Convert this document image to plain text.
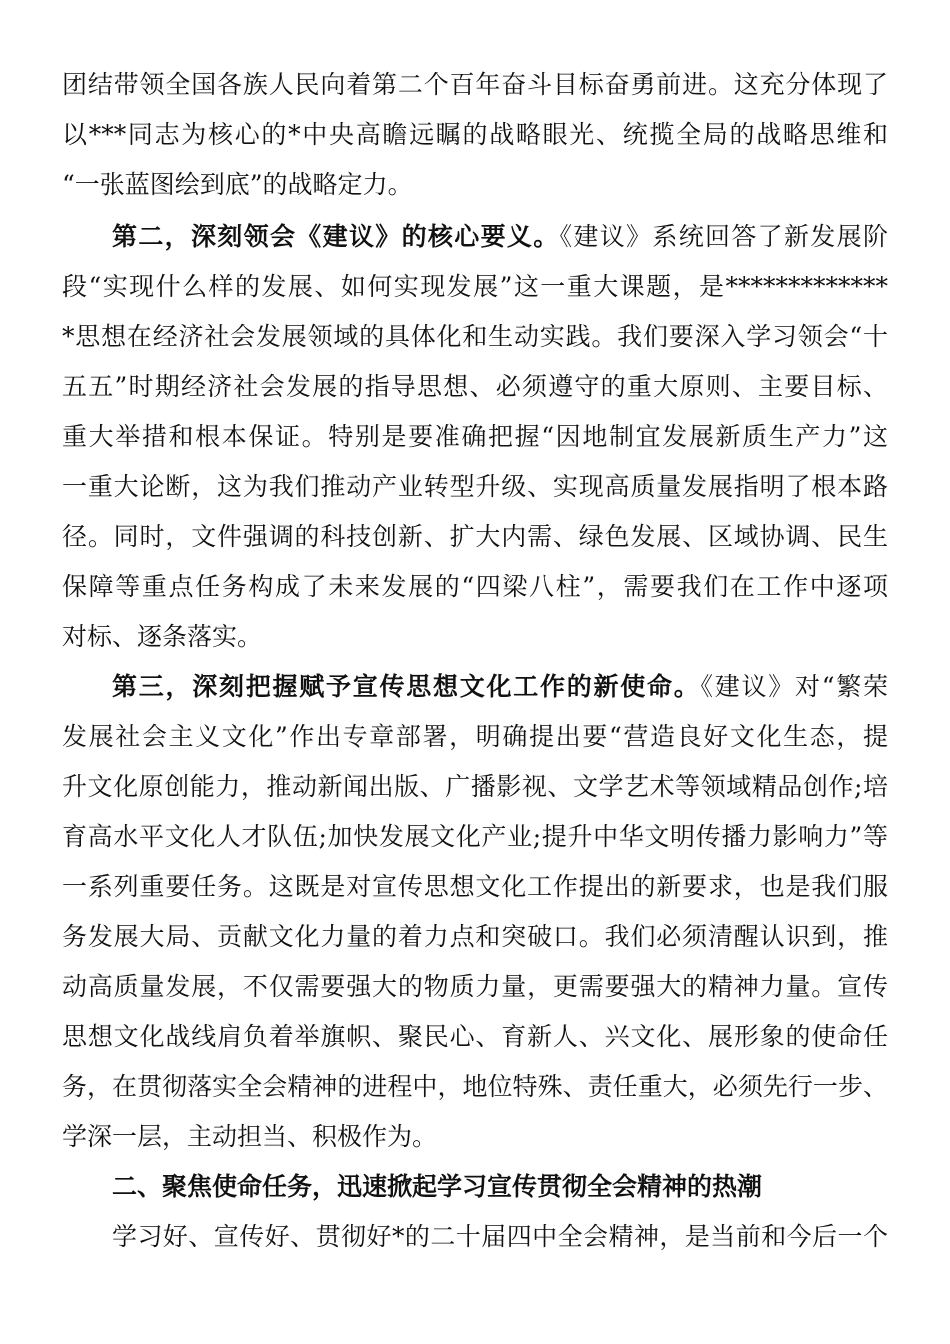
团结带领全国各族人民向着第二个百年奋斗目标奋勇前进。这充分体现了
以***同志为核心的*中央高瞻远瞩的战略眼光、统揽全局的战略思维和
“一张蓝图绘到底”的战略定力。
第二，深刻领会《建议》的核心要义。《建议》系统回答了新发展阶
段“实现什么样的发展、如何实现发展”这一重大课题，是*************
*思想在经济社会发展领域的具体化和生动实践。我们要深入学习领会“十
五五”时期经济社会发展的指导思想、必须遵守的重大原则、主要目标、
重大举措和根本保证。特别是要准确把握“因地制宜发展新质生产力”这
一重大论断，这为我们推动产业转型升级、实现高质量发展指明了根本路
径。同时，文件强调的科技创新、扩大内需、绿色发展、区域协调、民生
保障等重点任务构成了未来发展的“四梁八柱”，需要我们在工作中逐项
对标、逐条落实。
第三，深刻把握赋予宣传思想文化工作的新使命。《建议》对“繁荣
发展社会主义文化”作出专章部署，明确提出要“营造良好文化生态，提
升文化原创能力，推动新闻出版、广播影视、文学艺术等领域精品创作;培
育高水平文化人才队伍;加快发展文化产业;提升中华文明传播力影响力”等
一系列重要任务。这既是对宣传思想文化工作提出的新要求，也是我们服
务发展大局、贡献文化力量的着力点和突破口。我们必须清醒认识到，推
动高质量发展，不仅需要强大的物质力量，更需要强大的精神力量。宣传
思想文化战线肩负着举旗帜、聚民心、育新人、兴文化、展形象的使命任
务，在贯彻落实全会精神的进程中，地位特殊、责任重大，必须先行一步、
学深一层，主动担当、积极作为。
二、聚焦使命任务，迅速掀起学习宣传贯彻全会精神的热潮
学习好、宣传好、贯彻好*的二十届四中全会精神，是当前和今后一个
